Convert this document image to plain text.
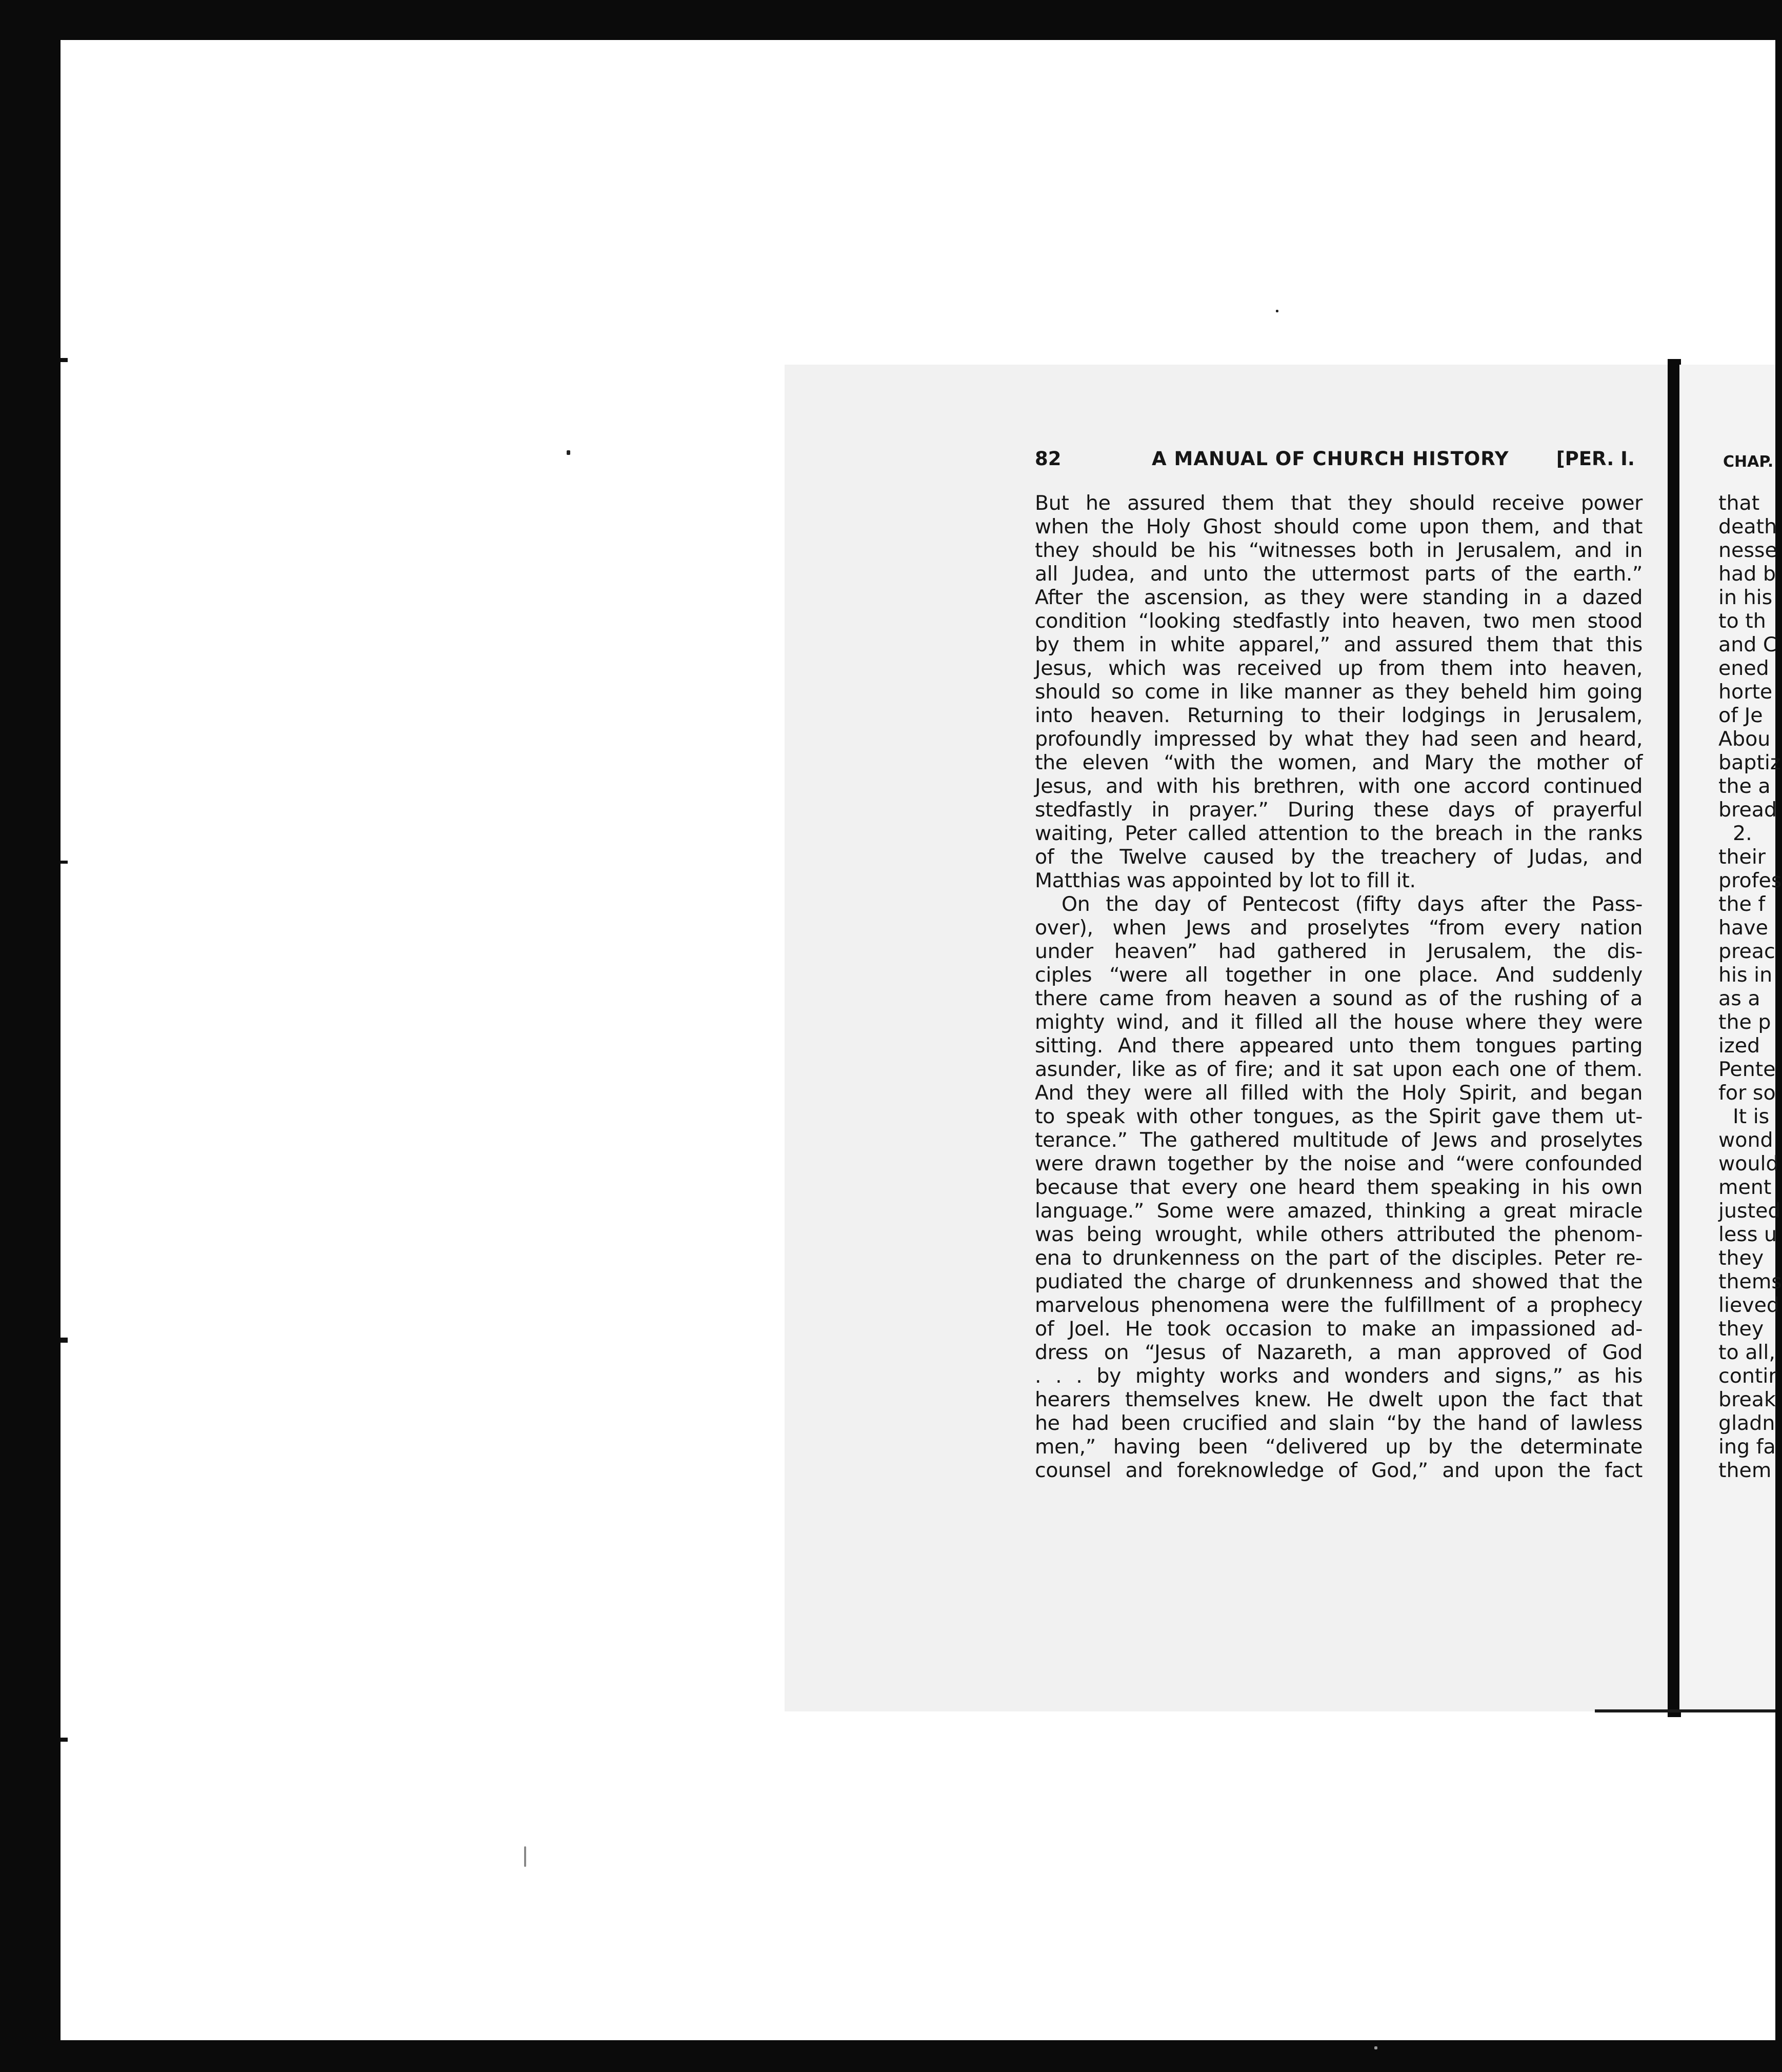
82	A MANUAL OF CHURCH HISTORY [PER. I.
But he assured them that they should receive power
when the Holy Ghost should come upon them, and that
they should be his “witnesses both in Jerusalem, and in
all Judea, and unto the uttermost parts of the earth.”
After the ascension, as they were standing in a dazed
condition “looking stedfastly into heaven, two men stood
by them in white apparel,” and assured them that this
Jesus, which was received up from them into heaven,
should so come in like manner as they beheld him going
into heaven. Returning to their lodgings in Jerusalem,
profoundly impressed by what they had seen and heard,
the eleven “with the women, and Mary the mother of
Jesus, and with his brethren, with one accord continued
stedfastly in prayer.” During these days of prayerful
waiting, Peter called attention to the breach in the ranks
of the Twelve caused by the treachery of Judas, and
Matthias was appointed by lot to fill it.
On the day of Pentecost (fifty days after the Pass-
over), when Jews and proselytes “from every nation
under heaven” had gathered in Jerusalem, the dis-
ciples “were all together in one place. And suddenly
there came from heaven a sound as of the rushing of a
mighty wind, and it filled all the house where they were
sitting. And there appeared unto them tongues parting
asunder, like as of fire; and it sat upon each one of them.
And they were all filled with the Holy Spirit, and began
to speak with other tongues, as the Spirit gave them ut-
terance.” The gathered multitude of Jews and proselytes
were drawn together by the noise and “were confounded
because that every one heard them speaking in his own
language.” Some were amazed, thinking a great miracle
was being wrought, while others attributed the phenom-
ena to drunkenness on the part of the disciples. Peter re-
pudiated the charge of drunkenness and showed that the
marvelous phenomena were the fulfillment of a prophecy
of Joel. He took occasion to make an impassioned ad-
dress on “Jesus of Nazareth, a man approved of God
. . . by mighty works and wonders and signs,” as his
hearers themselves knew. He dwelt upon the fact that
he had been crucified and slain “by the hand of lawless
men,” having been “delivered up by the determinate
counsel and foreknowledge of God,” and upon the fact
CHAP.
that
death
nesse
had b
in his
to th
and C
ened
horte
of Je
Abou
baptiz
the a
bread
2.
their
profes
the f
have
preac
his in
as a
the p
ized
Pente
for so
It is
wond
would
ment
justed
less u
they
thems
lieved
they
to all,
contir
break
gladn
ing fa
them
